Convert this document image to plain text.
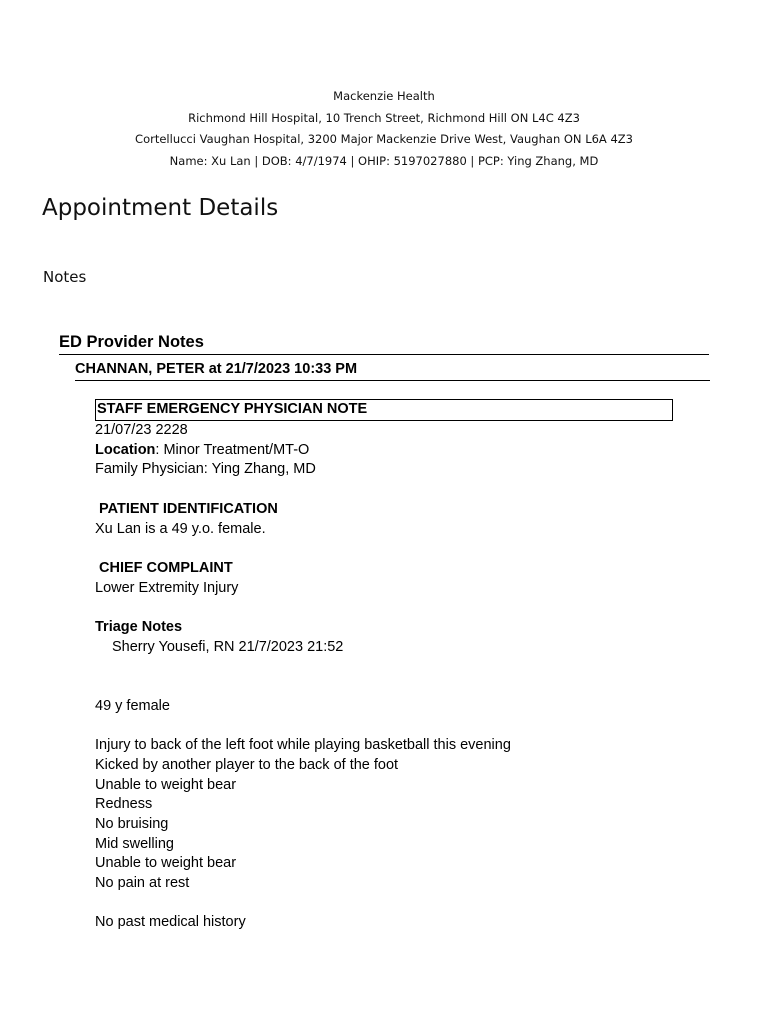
Mackenzie Health
Richmond Hill Hospital, 10 Trench Street, Richmond Hill ON L4C 4Z3
Cortellucci Vaughan Hospital, 3200 Major Mackenzie Drive West, Vaughan ON L6A 4Z3
Name: Xu Lan | DOB: 4/7/1974 | OHIP: 5197027880 | PCP: Ying Zhang, MD
Appointment Details
Notes
ED Provider Notes
CHANNAN, PETER at 21/7/2023 10:33 PM
STAFF EMERGENCY PHYSICIAN NOTE
21/07/23 2228
Location: Minor Treatment/MT-O
Family Physician: Ying Zhang, MD
PATIENT IDENTIFICATION
Xu Lan is a 49 y.o. female.
CHIEF COMPLAINT
Lower Extremity Injury
Triage Notes
Sherry Yousefi, RN 21/7/2023 21:52
49 y female
Injury to back of the left foot while playing basketball this evening
Kicked by another player to the back of the foot
Unable to weight bear
Redness
No bruising
Mid swelling
Unable to weight bear
No pain at rest
No past medical history
